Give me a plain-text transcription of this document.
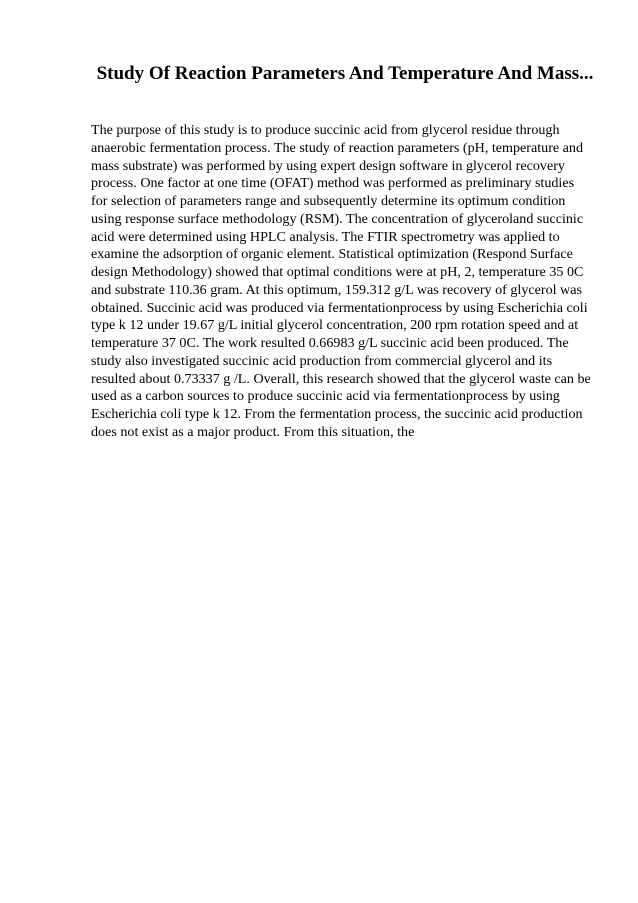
Study Of Reaction Parameters And Temperature And Mass...

The purpose of this study is to produce succinic acid from glycerol residue through anaerobic fermentation process. The study of reaction parameters (pH, temperature and mass substrate) was performed by using expert design software in glycerol recovery process. One factor at one time (OFAT) method was performed as preliminary studies for selection of parameters range and subsequently determine its optimum condition using response surface methodology (RSM). The concentration of glyceroland succinic acid were determined using HPLC analysis. The FTIR spectrometry was applied to examine the adsorption of organic element. Statistical optimization (Respond Surface design Methodology) showed that optimal conditions were at pH, 2, temperature 35 0C and substrate 110.36 gram. At this optimum, 159.312 g/L was recovery of glycerol was obtained. Succinic acid was produced via fermentationprocess by using Escherichia coli type k 12 under 19.67 g/L initial glycerol concentration, 200 rpm rotation speed and at temperature 37 0C. The work resulted 0.66983 g/L succinic acid been produced. The study also investigated succinic acid production from commercial glycerol and its resulted about 0.73337 g /L. Overall, this research showed that the glycerol waste can be used as a carbon sources to produce succinic acid via fermentationprocess by using Escherichia coli type k 12. From the fermentation process, the succinic acid production does not exist as a major product. From this situation, the
